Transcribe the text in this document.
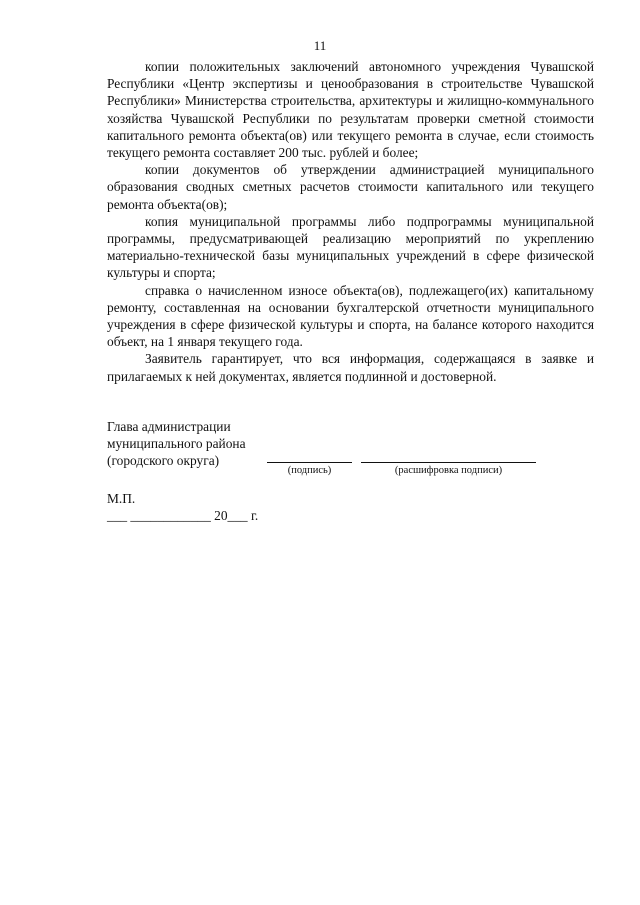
11

копии положительных заключений автономного учреждения Чувашской Республики «Центр экспертизы и ценообразования в строительстве Чувашской Республики» Министерства строительства, архитектуры и жилищно-коммунального хозяйства Чувашской Республики по результатам проверки сметной стоимости капитального ремонта объекта(ов) или текущего ремонта в случае, если стоимость текущего ремонта составляет 200 тыс. рублей и более;

копии документов об утверждении администрацией муниципального образования сводных сметных расчетов стоимости капитального или текущего ремонта объекта(ов);

копия муниципальной программы либо подпрограммы муниципальной программы, предусматривающей реализацию мероприятий по укреплению материально-технической базы муниципальных учреждений в сфере физической культуры и спорта;

справка о начисленном износе объекта(ов), подлежащего(их) капитальному ремонту, составленная на основании бухгалтерской отчетности муниципального учреждения в сфере физической культуры и спорта, на балансе которого находится объект, на 1 января текущего года.

Заявитель гарантирует, что вся информация, содержащаяся в заявке и прилагаемых к ней документах, является подлинной и достоверной.

Глава администрации
муниципального района
(городского округа)
(подпись)	(расшифровка подписи)
М.П.
___ ____________ 20___ г.
